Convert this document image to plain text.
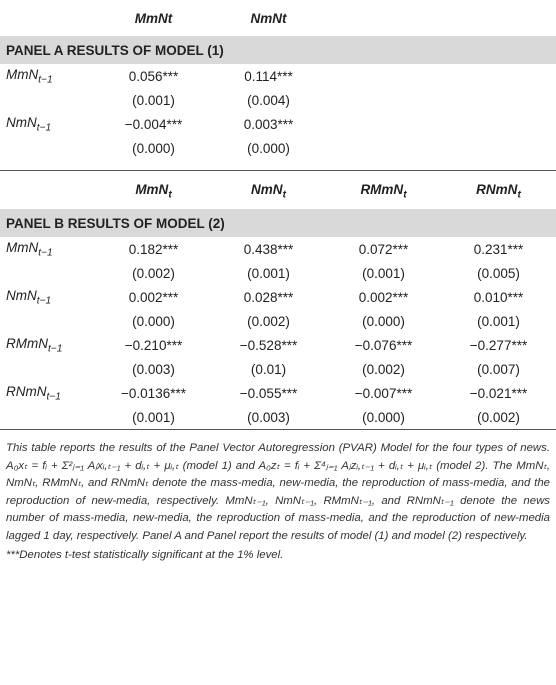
	MmNt	NmNt		
PANEL A RESULTS OF MODEL (1)				
MmN$_{t-1}$	0.056***	0.114***		
	(0.001)	(0.004)		
NmN$_{t-1}$	−0.004***	0.003***		
	(0.000)	(0.000)		

	MmN$_t$	NmN$_t$	RMmN$_t$	RNmN$_t$
PANEL B RESULTS OF MODEL (2)				
MmN$_{t-1}$	0.182***	0.438***	0.072***	0.231***
	(0.002)	(0.001)	(0.001)	(0.005)
NmN$_{t-1}$	0.002***	0.028***	0.002***	0.010***
	(0.000)	(0.002)	(0.000)	(0.001)
RMmN$_{t-1}$	−0.210***	−0.528***	−0.076***	−0.277***
	(0.003)	(0.01)	(0.002)	(0.007)
RNmN$_{t-1}$	−0.0136***	−0.055***	−0.007***	−0.021***
	(0.001)	(0.003)	(0.000)	(0.002)

This table reports the results of the Panel Vector Autoregression (PVAR) Model for the four types of news. A₀xₜ = fᵢ + Σ²ⱼ₌₁ Aⱼxᵢ,ₜ₋₁ + dᵢ,ₜ + μᵢ,ₜ (model 1) and A₀zₜ = fᵢ + Σ⁴ⱼ₌₁ Aⱼzᵢ,ₜ₋₁ + dᵢ,ₜ + μᵢ,ₜ (model 2). The MmNₜ, NmNₜ, RMmNₜ, and RNmNₜ denote the mass-media, new-media, the reproduction of mass-media, and the reproduction of new-media, respectively. MmNₜ₋₁, NmNₜ₋₁, RMmNₜ₋₁, and RNmNₜ₋₁ denote the news number of mass-media, new-media, the reproduction of mass-media, and the reproduction of new-media lagged 1 day, respectively. Panel A and Panel report the results of model (1) and model (2) respectively.
***Denotes t-test statistically significant at the 1% level.
